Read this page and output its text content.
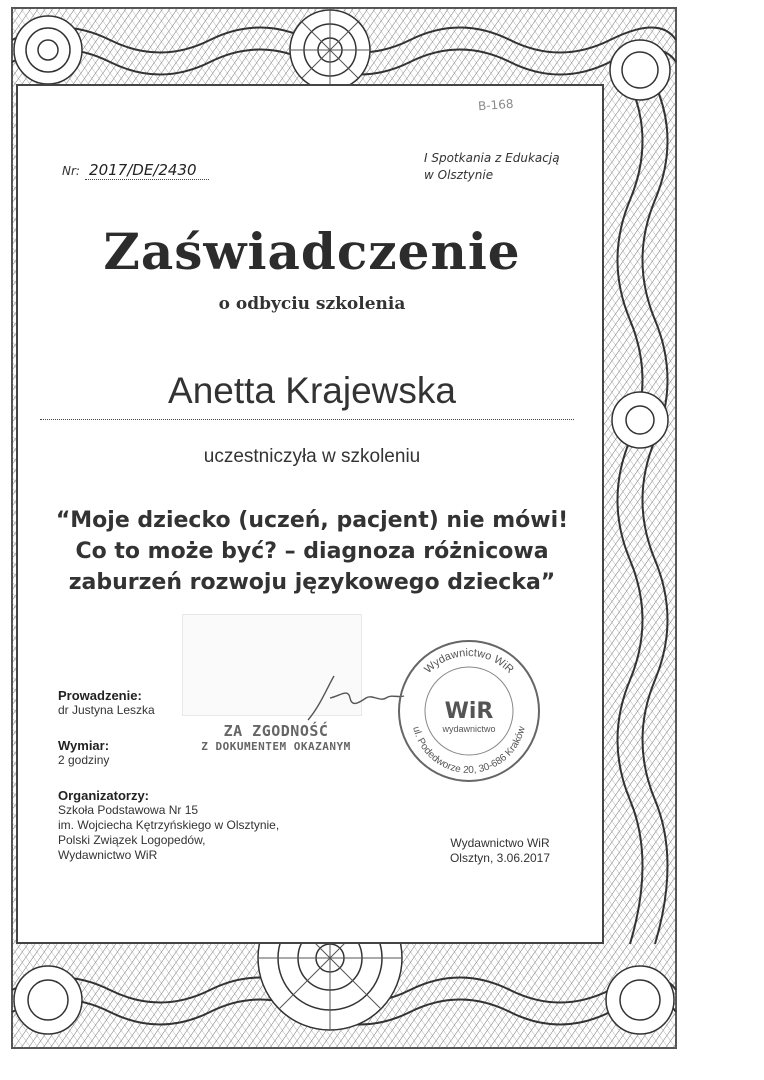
B-168
Nr: 2017/DE/2430
I Spotkania z Edukacją
w Olsztynie
Zaświadczenie
o odbyciu szkolenia
Anetta Krajewska
uczestniczyła w szkoleniu
“Moje dziecko (uczeń, pacjent) nie mówi!
Co to może być? – diagnoza różnicowa
zaburzeń rozwoju językowego dziecka”
Prowadzenie:
dr Justyna Leszka
Wymiar:
2 godziny
Organizatorzy:
Szkoła Podstawowa Nr 15
im. Wojciecha Kętrzyńskiego w Olsztynie,
Polski Związek Logopedów,
Wydawnictwo WiR
ZA ZGODNOŚĆ
Z DOKUMENTEM OKAZANYM
Wydawnictwo WiR
ul. Podedworze 20, 30-686 Kraków
WiR
wydawnictwo
Wydawnictwo WiR
Olsztyn, 3.06.2017
